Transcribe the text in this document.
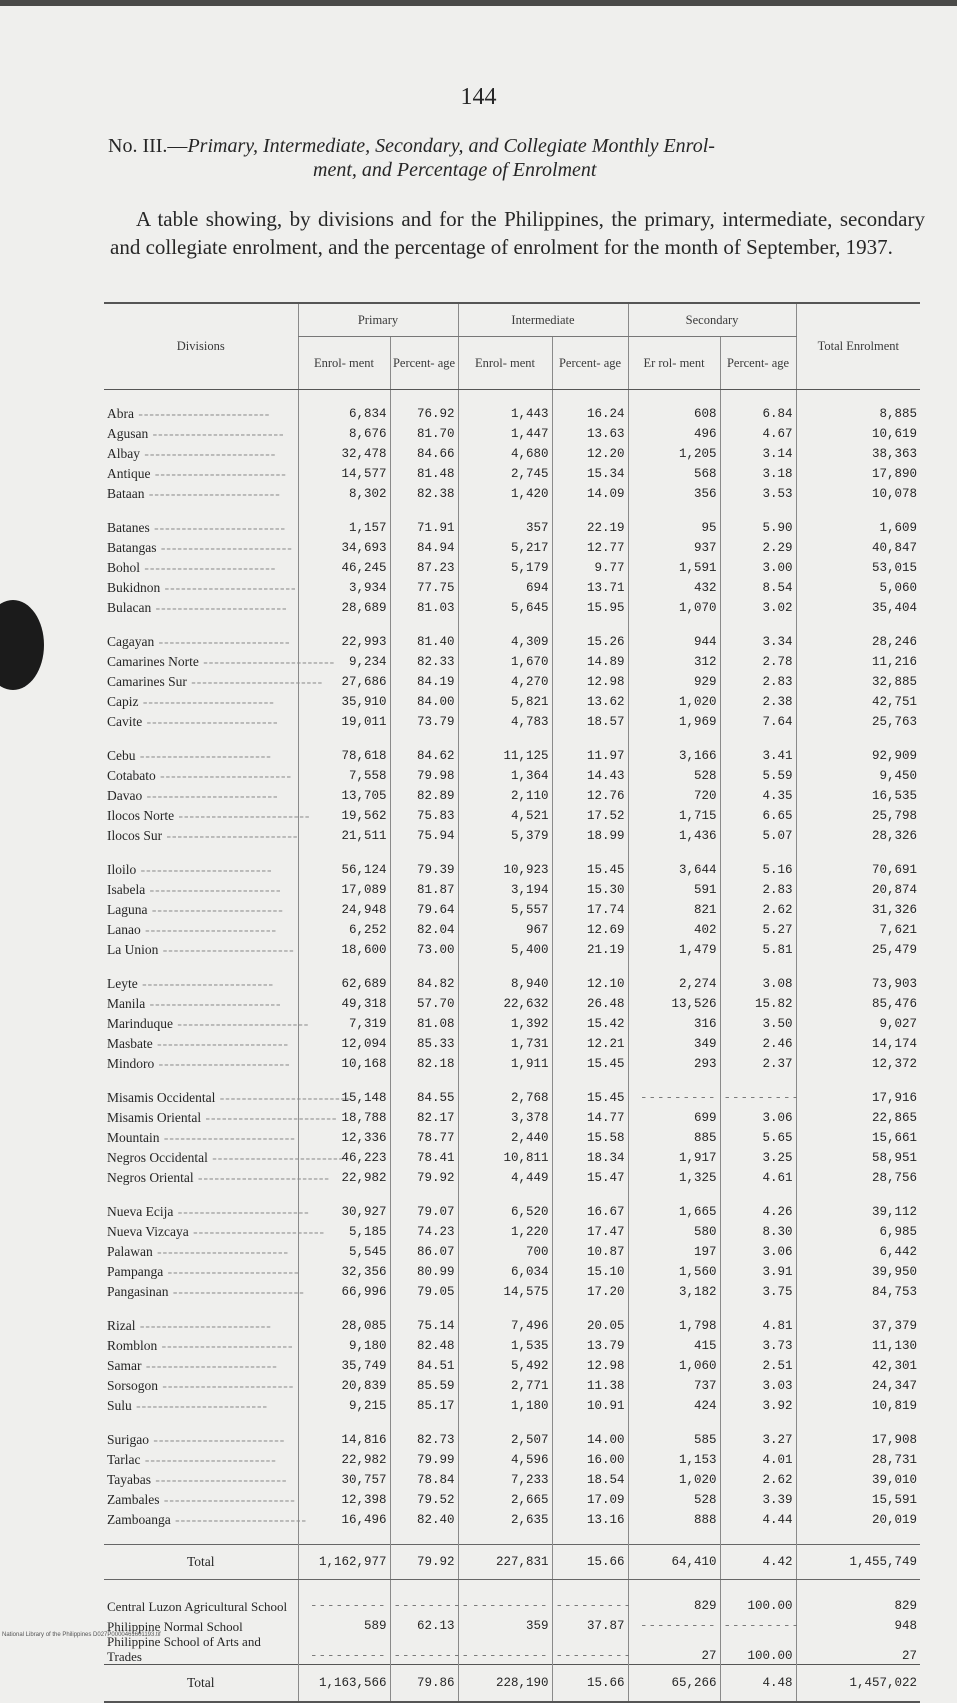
144
No. III.—Primary, Intermediate, Secondary, and Collegiate Monthly Enrol-
ment, and Percentage of Enrolment
A table showing, by divisions and for the Philippines, the primary, intermediate, secondary and collegiate enrolment, and the percentage of enrolment for the month of September, 1937.
Divisions	Primary		Intermediate		Secondary		Total Enrolment
	Enrol- ment	Percent- age	Enrol- ment	Percent- age	Er rol- ment	Percent- age	

Abra ------------------------	6,834	76.92	1,443	16.24	608	6.84	8,885
Agusan ------------------------	8,676	81.70	1,447	13.63	496	4.67	10,619
Albay ------------------------	32,478	84.66	4,680	12.20	1,205	3.14	38,363
Antique ------------------------	14,577	81.48	2,745	15.34	568	3.18	17,890
Bataan ------------------------	8,302	82.38	1,420	14.09	356	3.53	10,078

Batanes ------------------------	1,157	71.91	357	22.19	95	5.90	1,609
Batangas ------------------------	34,693	84.94	5,217	12.77	937	2.29	40,847
Bohol ------------------------	46,245	87.23	5,179	9.77	1,591	3.00	53,015
Bukidnon ------------------------	3,934	77.75	694	13.71	432	8.54	5,060
Bulacan ------------------------	28,689	81.03	5,645	15.95	1,070	3.02	35,404

Cagayan ------------------------	22,993	81.40	4,309	15.26	944	3.34	28,246
Camarines Norte ------------------------	9,234	82.33	1,670	14.89	312	2.78	11,216
Camarines Sur ------------------------	27,686	84.19	4,270	12.98	929	2.83	32,885
Capiz ------------------------	35,910	84.00	5,821	13.62	1,020	2.38	42,751
Cavite ------------------------	19,011	73.79	4,783	18.57	1,969	7.64	25,763

Cebu ------------------------	78,618	84.62	11,125	11.97	3,166	3.41	92,909
Cotabato ------------------------	7,558	79.98	1,364	14.43	528	5.59	9,450
Davao ------------------------	13,705	82.89	2,110	12.76	720	4.35	16,535
Ilocos Norte ------------------------	19,562	75.83	4,521	17.52	1,715	6.65	25,798
Ilocos Sur ------------------------	21,511	75.94	5,379	18.99	1,436	5.07	28,326

Iloilo ------------------------	56,124	79.39	10,923	15.45	3,644	5.16	70,691
Isabela ------------------------	17,089	81.87	3,194	15.30	591	2.83	20,874
Laguna ------------------------	24,948	79.64	5,557	17.74	821	2.62	31,326
Lanao ------------------------	6,252	82.04	967	12.69	402	5.27	7,621
La Union ------------------------	18,600	73.00	5,400	21.19	1,479	5.81	25,479

Leyte ------------------------	62,689	84.82	8,940	12.10	2,274	3.08	73,903
Manila ------------------------	49,318	57.70	22,632	26.48	13,526	15.82	85,476
Marinduque ------------------------	7,319	81.08	1,392	15.42	316	3.50	9,027
Masbate ------------------------	12,094	85.33	1,731	12.21	349	2.46	14,174
Mindoro ------------------------	10,168	82.18	1,911	15.45	293	2.37	12,372

Misamis Occidental ------------------------	15,148	84.55	2,768	15.45	---------	---------	17,916
Misamis Oriental ------------------------	18,788	82.17	3,378	14.77	699	3.06	22,865
Mountain ------------------------	12,336	78.77	2,440	15.58	885	5.65	15,661
Negros Occidental ------------------------	46,223	78.41	10,811	18.34	1,917	3.25	58,951
Negros Oriental ------------------------	22,982	79.92	4,449	15.47	1,325	4.61	28,756

Nueva Ecija ------------------------	30,927	79.07	6,520	16.67	1,665	4.26	39,112
Nueva Vizcaya ------------------------	5,185	74.23	1,220	17.47	580	8.30	6,985
Palawan ------------------------	5,545	86.07	700	10.87	197	3.06	6,442
Pampanga ------------------------	32,356	80.99	6,034	15.10	1,560	3.91	39,950
Pangasinan ------------------------	66,996	79.05	14,575	17.20	3,182	3.75	84,753

Rizal ------------------------	28,085	75.14	7,496	20.05	1,798	4.81	37,379
Romblon ------------------------	9,180	82.48	1,535	13.79	415	3.73	11,130
Samar ------------------------	35,749	84.51	5,492	12.98	1,060	2.51	42,301
Sorsogon ------------------------	20,839	85.59	2,771	11.38	737	3.03	24,347
Sulu ------------------------	9,215	85.17	1,180	10.91	424	3.92	10,819

Surigao ------------------------	14,816	82.73	2,507	14.00	585	3.27	17,908
Tarlac ------------------------	22,982	79.99	4,596	16.00	1,153	4.01	28,731
Tayabas ------------------------	30,757	78.84	7,233	18.54	1,020	2.62	39,010
Zambales ------------------------	12,398	79.52	2,665	17.09	528	3.39	15,591
Zamboanga ------------------------	16,496	82.40	2,635	13.16	888	4.44	20,019

Total	1,162,977	79.92	227,831	15.66	64,410	4.42	1,455,749

Central Luzon Agricultural School	---------	---------	---------	---------	829	100.00	829
Philippine Normal School	589	62.13	359	37.87	---------	---------	948
Philippine School of Arts and Trades	---------	---------	---------	---------	27	100.00	27
Total	1,163,566	79.86	228,190	15.66	65,266	4.48	1,457,022
National Library of the Philippines D027P0000461601193.tif
